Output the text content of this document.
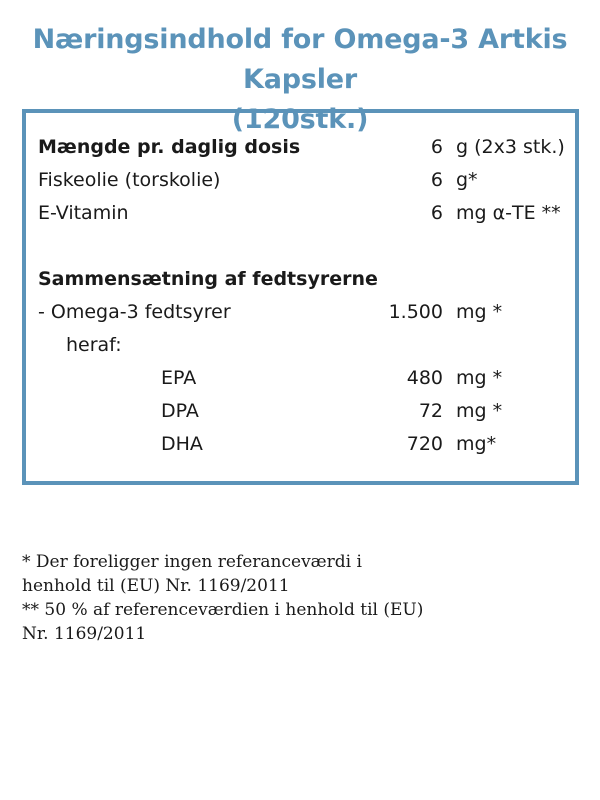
Næringsindhold for Omega-3 Artkis Kapsler
(120stk.)
Mængde pr. daglig dosis	6 g (2x3 stk.)
Fiskeolie (torskolie)	6 g*
E-Vitamin	6 mg α-TE **
Sammensætning af fedtsyrerne
- Omega-3 fedtsyrer	1.500 mg *
heraf:
EPA	480 mg *
DPA	72 mg *
DHA	720 mg*

* Der foreligger ingen referanceværdi i

henhold til (EU) Nr. 1169/2011

** 50 % af referenceværdien i henhold til (EU)

Nr. 1169/2011
